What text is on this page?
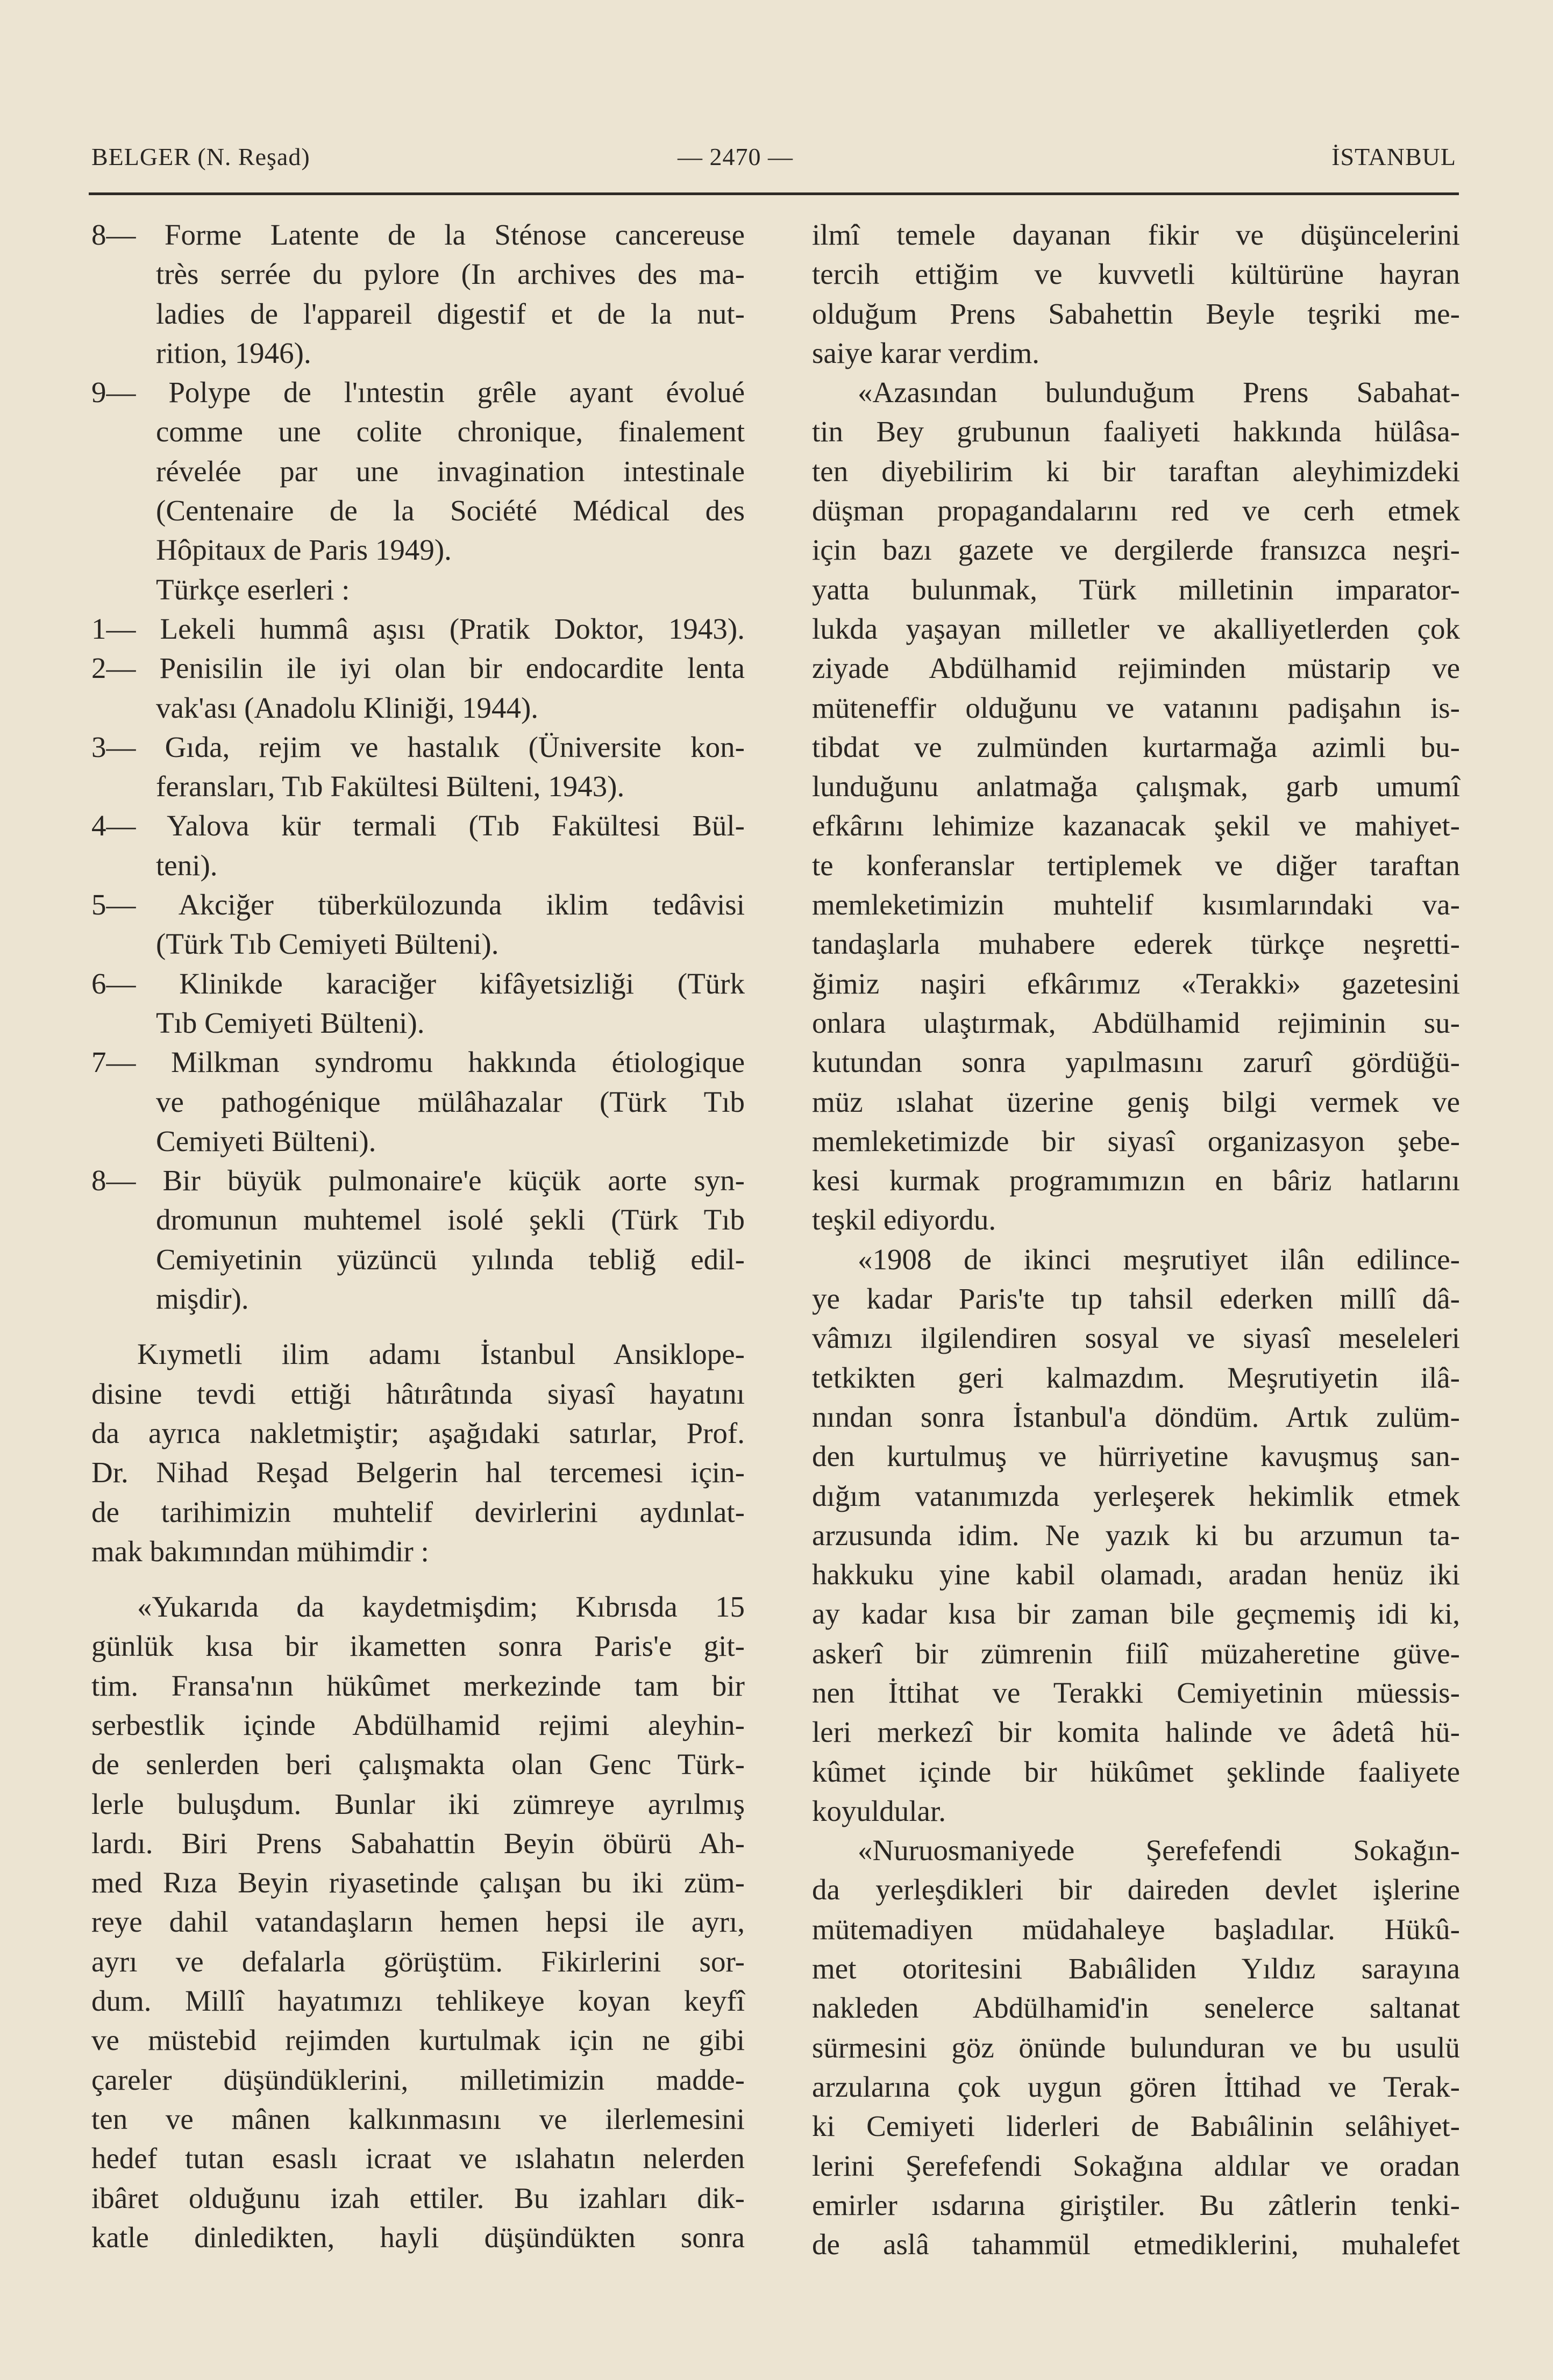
BELGER (N. Reşad)	— 2470 —	İSTANBUL
8— Forme Latente de la Sténose cancereuse
très serrée du pylore (In archives des ma-
ladies de l'appareil digestif et de la nut-
rition, 1946).
9— Polype de l'ıntestin grêle ayant évolué
comme une colite chronique, finalement
révelée par une invagination intestinale
(Centenaire de la Société Médical des
Hôpitaux de Paris 1949).
Türkçe eserleri :
1— Lekeli hummâ aşısı (Pratik Doktor, 1943).
2— Penisilin ile iyi olan bir endocardite lenta
vak'ası (Anadolu Kliniği, 1944).
3— Gıda, rejim ve hastalık (Üniversite kon-
feransları, Tıb Fakültesi Bülteni, 1943).
4— Yalova kür termali (Tıb Fakültesi Bül-
teni).
5— Akciğer tüberkülozunda iklim tedâvisi
(Türk Tıb Cemiyeti Bülteni).
6— Klinikde karaciğer kifâyetsizliği (Türk
Tıb Cemiyeti Bülteni).
7— Milkman syndromu hakkında étiologique
ve pathogénique mülâhazalar (Türk Tıb
Cemiyeti Bülteni).
8— Bir büyük pulmonaire'e küçük aorte syn-
dromunun muhtemel isolé şekli (Türk Tıb
Cemiyetinin yüzüncü yılında tebliğ edil-
mişdir).
Kıymetli ilim adamı İstanbul Ansiklope-
disine tevdi ettiği hâtırâtında siyasî hayatını
da ayrıca nakletmiştir; aşağıdaki satırlar, Prof.
Dr. Nihad Reşad Belgerin hal tercemesi için-
de tarihimizin muhtelif devirlerini aydınlat-
mak bakımından mühimdir :
«Yukarıda da kaydetmişdim; Kıbrısda 15
günlük kısa bir ikametten sonra Paris'e git-
tim. Fransa'nın hükûmet merkezinde tam bir
serbestlik içinde Abdülhamid rejimi aleyhin-
de senlerden beri çalışmakta olan Genc Türk-
lerle buluşdum. Bunlar iki zümreye ayrılmış
lardı. Biri Prens Sabahattin Beyin öbürü Ah-
med Rıza Beyin riyasetinde çalışan bu iki züm-
reye dahil vatandaşların hemen hepsi ile ayrı,
ayrı ve defalarla görüştüm. Fikirlerini sor-
dum. Millî hayatımızı tehlikeye koyan keyfî
ve müstebid rejimden kurtulmak için ne gibi
çareler düşündüklerini, milletimizin madde-
ten ve mânen kalkınmasını ve ilerlemesini
hedef tutan esaslı icraat ve ıslahatın nelerden
ibâret olduğunu izah ettiler. Bu izahları dik-
katle dinledikten, hayli düşündükten sonra
ilmî temele dayanan fikir ve düşüncelerini
tercih ettiğim ve kuvvetli kültürüne hayran
olduğum Prens Sabahettin Beyle teşriki me-
saiye karar verdim.
«Azasından bulunduğum Prens Sabahat-
tin Bey grubunun faaliyeti hakkında hülâsa-
ten diyebilirim ki bir taraftan aleyhimizdeki
düşman propagandalarını red ve cerh etmek
için bazı gazete ve dergilerde fransızca neşri-
yatta bulunmak, Türk milletinin imparator-
lukda yaşayan milletler ve akalliyetlerden çok
ziyade Abdülhamid rejiminden müstarip ve
müteneffir olduğunu ve vatanını padişahın is-
tibdat ve zulmünden kurtarmağa azimli bu-
lunduğunu anlatmağa çalışmak, garb umumî
efkârını lehimize kazanacak şekil ve mahiyet-
te konferanslar tertiplemek ve diğer taraftan
memleketimizin muhtelif kısımlarındaki va-
tandaşlarla muhabere ederek türkçe neşretti-
ğimiz naşiri efkârımız «Terakki» gazetesini
onlara ulaştırmak, Abdülhamid rejiminin su-
kutundan sonra yapılmasını zarurî gördüğü-
müz ıslahat üzerine geniş bilgi vermek ve
memleketimizde bir siyasî organizasyon şebe-
kesi kurmak programımızın en bâriz hatlarını
teşkil ediyordu.
«1908 de ikinci meşrutiyet ilân edilince-
ye kadar Paris'te tıp tahsil ederken millî dâ-
vâmızı ilgilendiren sosyal ve siyasî meseleleri
tetkikten geri kalmazdım. Meşrutiyetin ilâ-
nından sonra İstanbul'a döndüm. Artık zulüm-
den kurtulmuş ve hürriyetine kavuşmuş san-
dığım vatanımızda yerleşerek hekimlik etmek
arzusunda idim. Ne yazık ki bu arzumun ta-
hakkuku yine kabil olamadı, aradan henüz iki
ay kadar kısa bir zaman bile geçmemiş idi ki,
askerî bir zümrenin fiilî müzaheretine güve-
nen İttihat ve Terakki Cemiyetinin müessis-
leri merkezî bir komita halinde ve âdetâ hü-
kûmet içinde bir hükûmet şeklinde faaliyete
koyuldular.
«Nuruosmaniyede Şerefefendi Sokağın-
da yerleşdikleri bir daireden devlet işlerine
mütemadiyen müdahaleye başladılar. Hükû-
met otoritesini Babıâliden Yıldız sarayına
nakleden Abdülhamid'in senelerce saltanat
sürmesini göz önünde bulunduran ve bu usulü
arzularına çok uygun gören İttihad ve Terak-
ki Cemiyeti liderleri de Babıâlinin selâhiyet-
lerini Şerefefendi Sokağına aldılar ve oradan
emirler ısdarına giriştiler. Bu zâtlerin tenki-
de aslâ tahammül etmediklerini, muhalefet
